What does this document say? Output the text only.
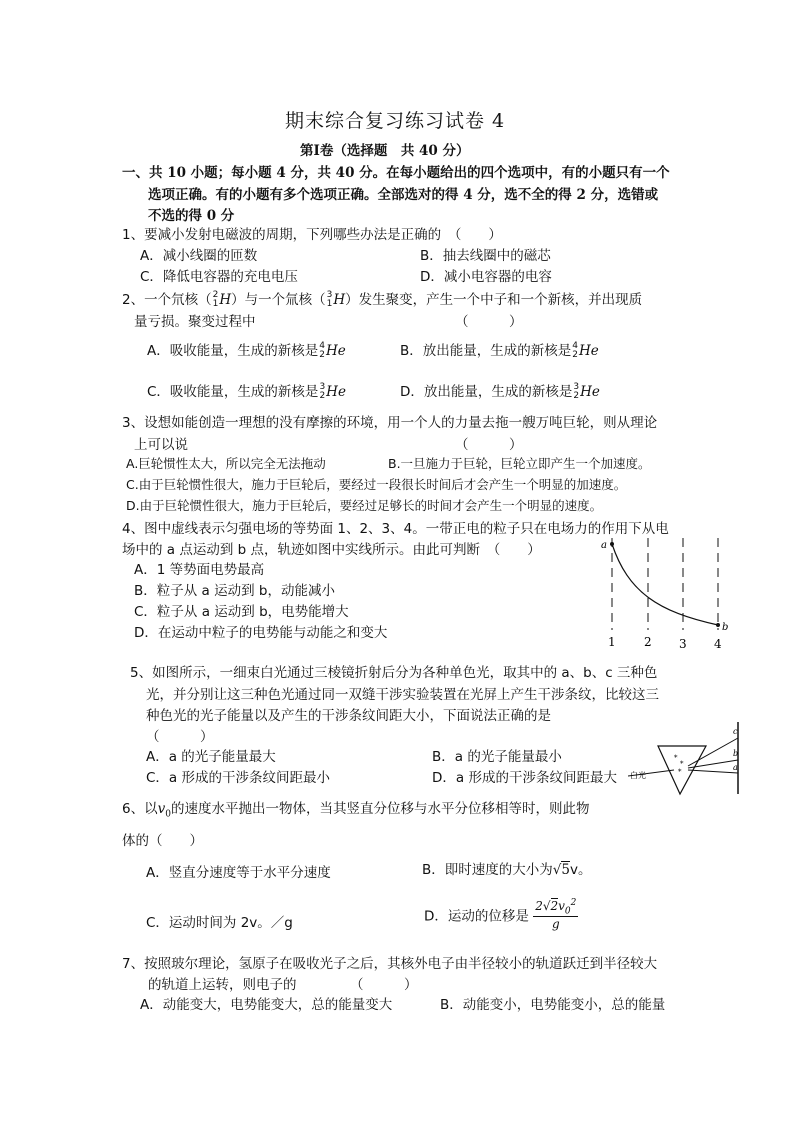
期末综合复习练习试卷 4
第Ⅰ卷（选择题　共 40 分）
一、共 10 小题；每小题 4 分，共 40 分。在每小题给出的四个选项中，有的小题只有一个
选项正确。有的小题有多个选项正确。全部选对的得 4 分，选不全的得 2 分，选错或
不选的得 0 分
1、要减小发射电磁波的周期，下列哪些办法是正确的　（　　）
A．减小线圈的匝数	B．抽去线圈中的磁芯
C．降低电容器的充电电压	D．减小电容器的电容
2、一个氘核（2
1H）与一个氚核（3
1H）发生聚变，产生一个中子和一个新核，并出现质
量亏损。聚变过程中	（　　　）
A．吸收能量，生成的新核是4
2He	B．放出能量，生成的新核是4
2He
C．吸收能量，生成的新核是3
2He	D．放出能量，生成的新核是3
2He
3、设想如能创造一理想的没有摩擦的环境，用一个人的力量去拖一艘万吨巨轮，则从理论
上可以说	（　　　）
A.巨轮惯性太大，所以完全无法拖动	B.一旦施力于巨轮，巨轮立即产生一个加速度。
C.由于巨轮惯性很大，施力于巨轮后，要经过一段很长时间后才会产生一个明显的加速度。
D.由于巨轮惯性很大，施力于巨轮后，要经过足够长的时间才会产生一个明显的速度。
4、图中虚线表示匀强电场的等势面 1、2、3、4。一带正电的粒子只在电场力的作用下从电
场中的 a 点运动到 b 点，轨迹如图中实线所示。由此可判断　（　　）
A．1 等势面电势最高
B．粒子从 a 运动到 b，动能减小
C．粒子从 a 运动到 b，电势能增大
D．在运动中粒子的电势能与动能之和变大
a
b
1 2 3 4
5、如图所示，一细束白光通过三棱镜折射后分为各种单色光，取其中的 a、b、c 三种色
光，并分别让这三种色光通过同一双缝干涉实验装置在光屏上产生干涉条纹，比较这三
种色光的光子能量以及产生的干涉条纹间距大小，下面说法正确的是
（　　　）
A．a 的光子能量最大	B．a 的光子能量最小
C．a 形成的干涉条纹间距最小	D．a 形成的干涉条纹间距最大
*
*
*
白光
c
b
a
6、以$v_0$的速度水平抛出一物体，当其竖直分位移与水平分位移相等时，则此物
体的（　　）
A．竖直分速度等于水平分速度	B．即时速度的大小为√5v。
C．运动时间为 2v。／g	D．运动的位移是 $\frac{2√2v_0^2}{g}$
7、按照玻尔理论，氢原子在吸收光子之后，其核外电子由半径较小的轨道跃迁到半径较大
的轨道上运转，则电子的	（　　　）
A．动能变大，电势能变大，总的能量变大	B．动能变小，电势能变小，总的能量
